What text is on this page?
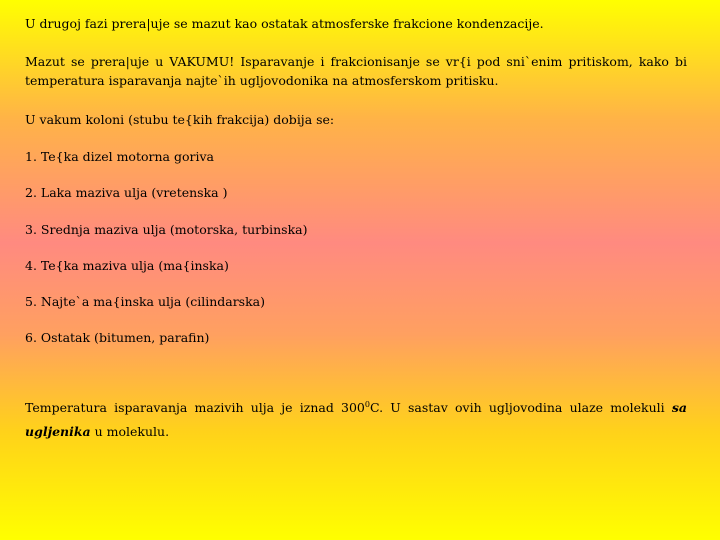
U drugoj fazi prera|uje se mazut kao ostatak atmosferske frakcione kondenzacije.

Mazut se prera|uje u VAKUMU! Isparavanje i frakcionisanje se vr{i pod sni`enim pritiskom, kako bi

temperatura isparavanja najte`ih ugljovodonika na atmosferskom pritisku.

U vakum koloni (stubu te{kih frakcija) dobija se:

1. Te{ka dizel motorna goriva

2. Laka maziva ulja (vretenska )

3. Srednja maziva ulja (motorska, turbinska)

4. Te{ka maziva ulja (ma{inska)

5. Najte`a ma{inska ulja (cilindarska)

6. Ostatak (bitumen, parafin)

Temperatura isparavanja mazivih ulja je iznad $300^0C$. U sastav ovih ugljovodina ulaze molekuli sa

ugljenika u molekulu.
